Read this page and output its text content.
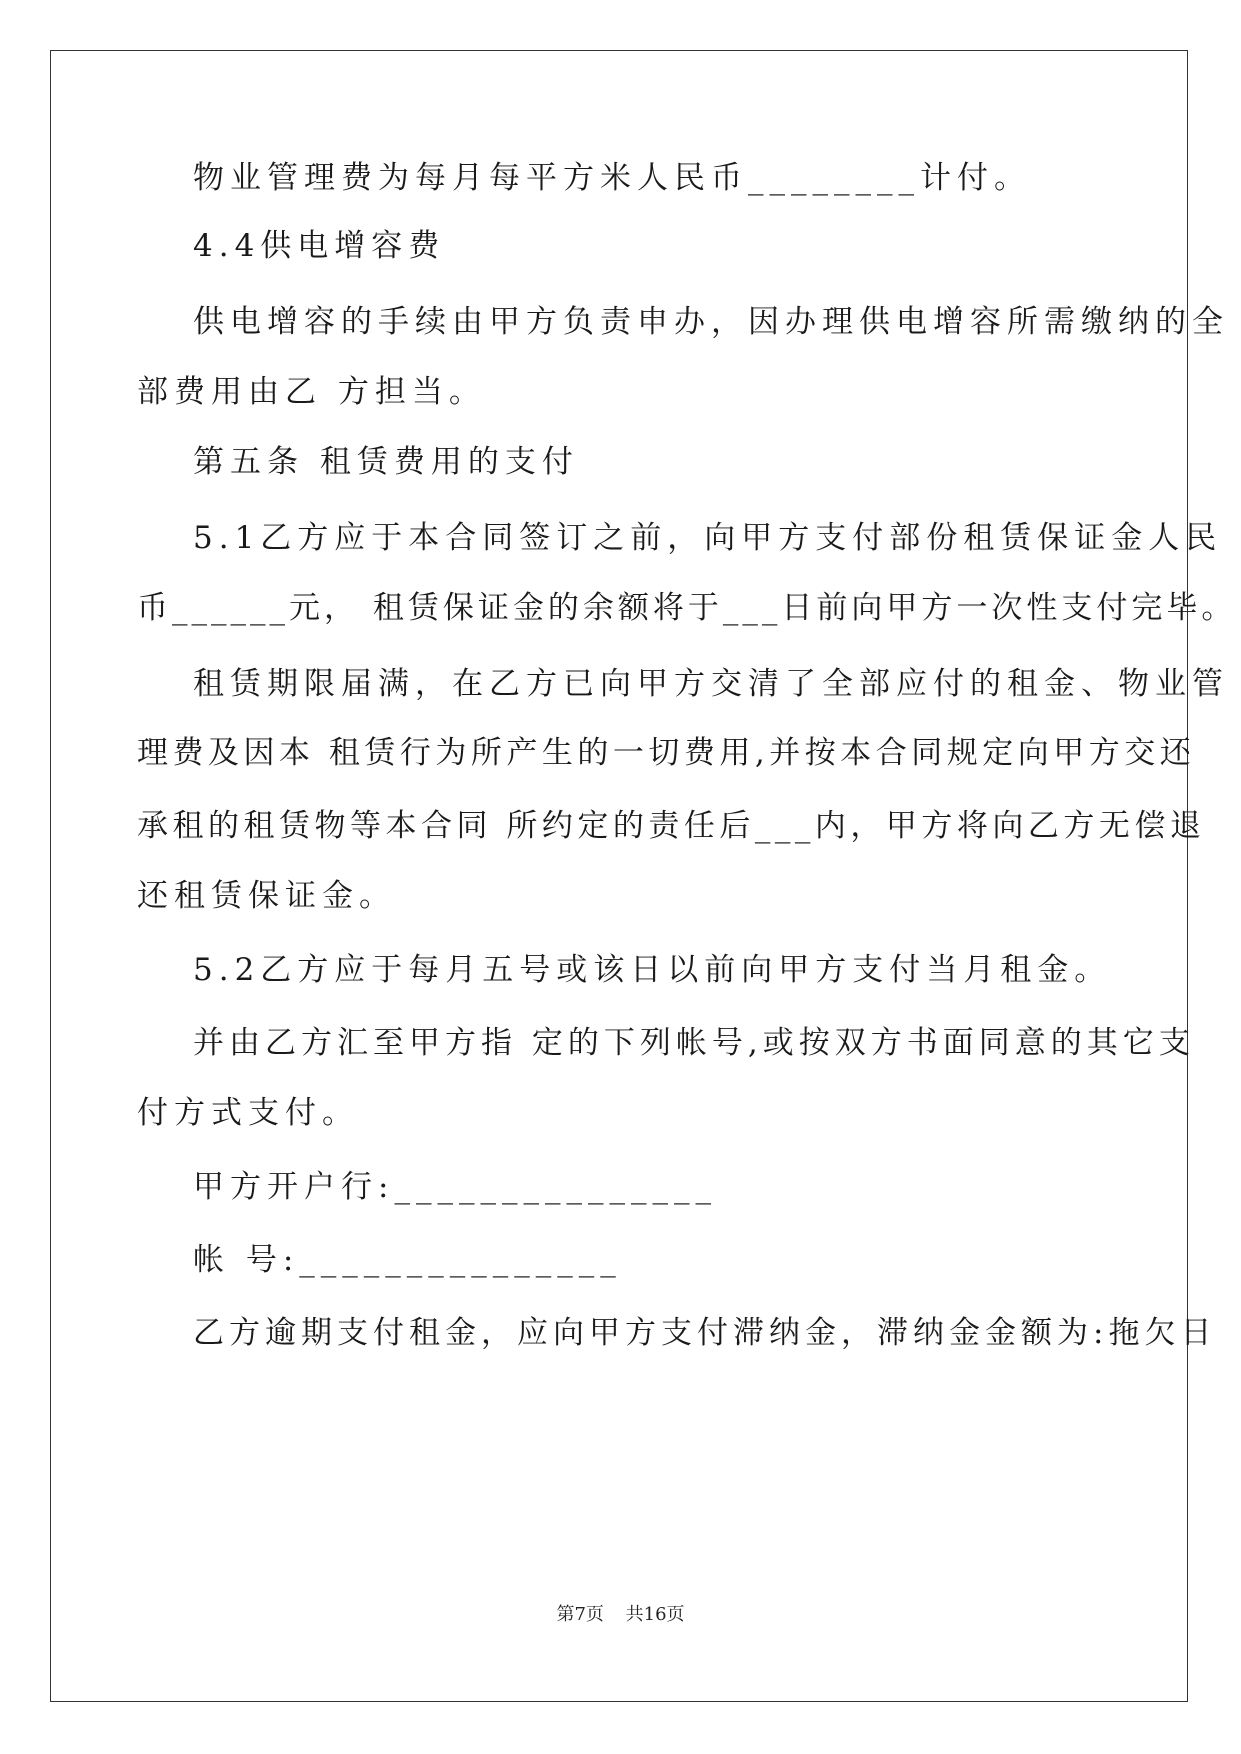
物业管理费为每月每平方米人民币________计付。
4.4供电增容费
供电增容的手续由甲方负责申办，因办理供电增容所需缴纳的全
部费用由乙 方担当。
第五条 租赁费用的支付
5.1乙方应于本合同签订之前，向甲方支付部份租赁保证金人民
币______元， 租赁保证金的余额将于___日前向甲方一次性支付完毕。
租赁期限届满，在乙方已向甲方交清了全部应付的租金、物业管
理费及因本 租赁行为所产生的一切费用,并按本合同规定向甲方交还
承租的租赁物等本合同 所约定的责任后___内，甲方将向乙方无偿退
还租赁保证金。
5.2乙方应于每月五号或该日以前向甲方支付当月租金。
并由乙方汇至甲方指 定的下列帐号,或按双方书面同意的其它支
付方式支付。
甲方开户行:_______________
帐 号:_______________
乙方逾期支付租金，应向甲方支付滞纳金，滞纳金金额为:拖欠日
第7页 共16页
